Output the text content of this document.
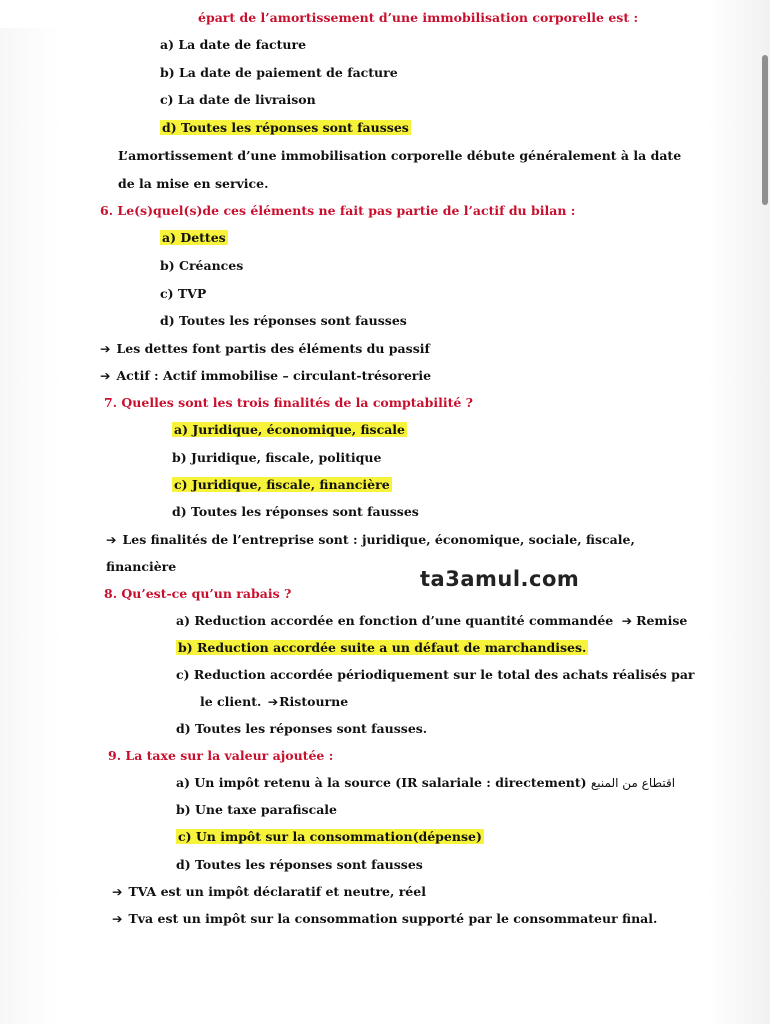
épart de l’amortissement d’une immobilisation corporelle est :
a) La date de facture
b) La date de paiement de facture
c) La date de livraison
d) Toutes les réponses sont fausses
L’amortissement d’une immobilisation corporelle débute généralement à la date
de la mise en service.
6. Le(s)quel(s)de ces éléments ne fait pas partie de l’actif du bilan :
a) Dettes
b) Créances
c) TVP
d) Toutes les réponses sont fausses
➔ Les dettes font partis des éléments du passif
➔ Actif : Actif immobilise – circulant-trésorerie
7. Quelles sont les trois finalités de la comptabilité ?
a) Juridique, économique, fiscale
b) Juridique, fiscale, politique
c) Juridique, fiscale, financière
d) Toutes les réponses sont fausses
➔ Les finalités de l’entreprise sont : juridique, économique, sociale, fiscale,
financière
ta3amul.com
8. Qu’est-ce qu’un rabais ?
a) Reduction accordée en fonction d’une quantité commandée ➔ Remise
b) Reduction accordée suite a un défaut de marchandises.
c) Reduction accordée périodiquement sur le total des achats réalisés par
le client. ➔Ristourne
d) Toutes les réponses sont fausses.
9. La taxe sur la valeur ajoutée :
a) Un impôt retenu à la source (IR salariale : directement) اقتطاع من المنبع
b) Une taxe parafiscale
c) Un impôt sur la consommation(dépense)
d) Toutes les réponses sont fausses
➔ TVA est un impôt déclaratif et neutre, réel
➔ Tva est un impôt sur la consommation supporté par le consommateur final.
